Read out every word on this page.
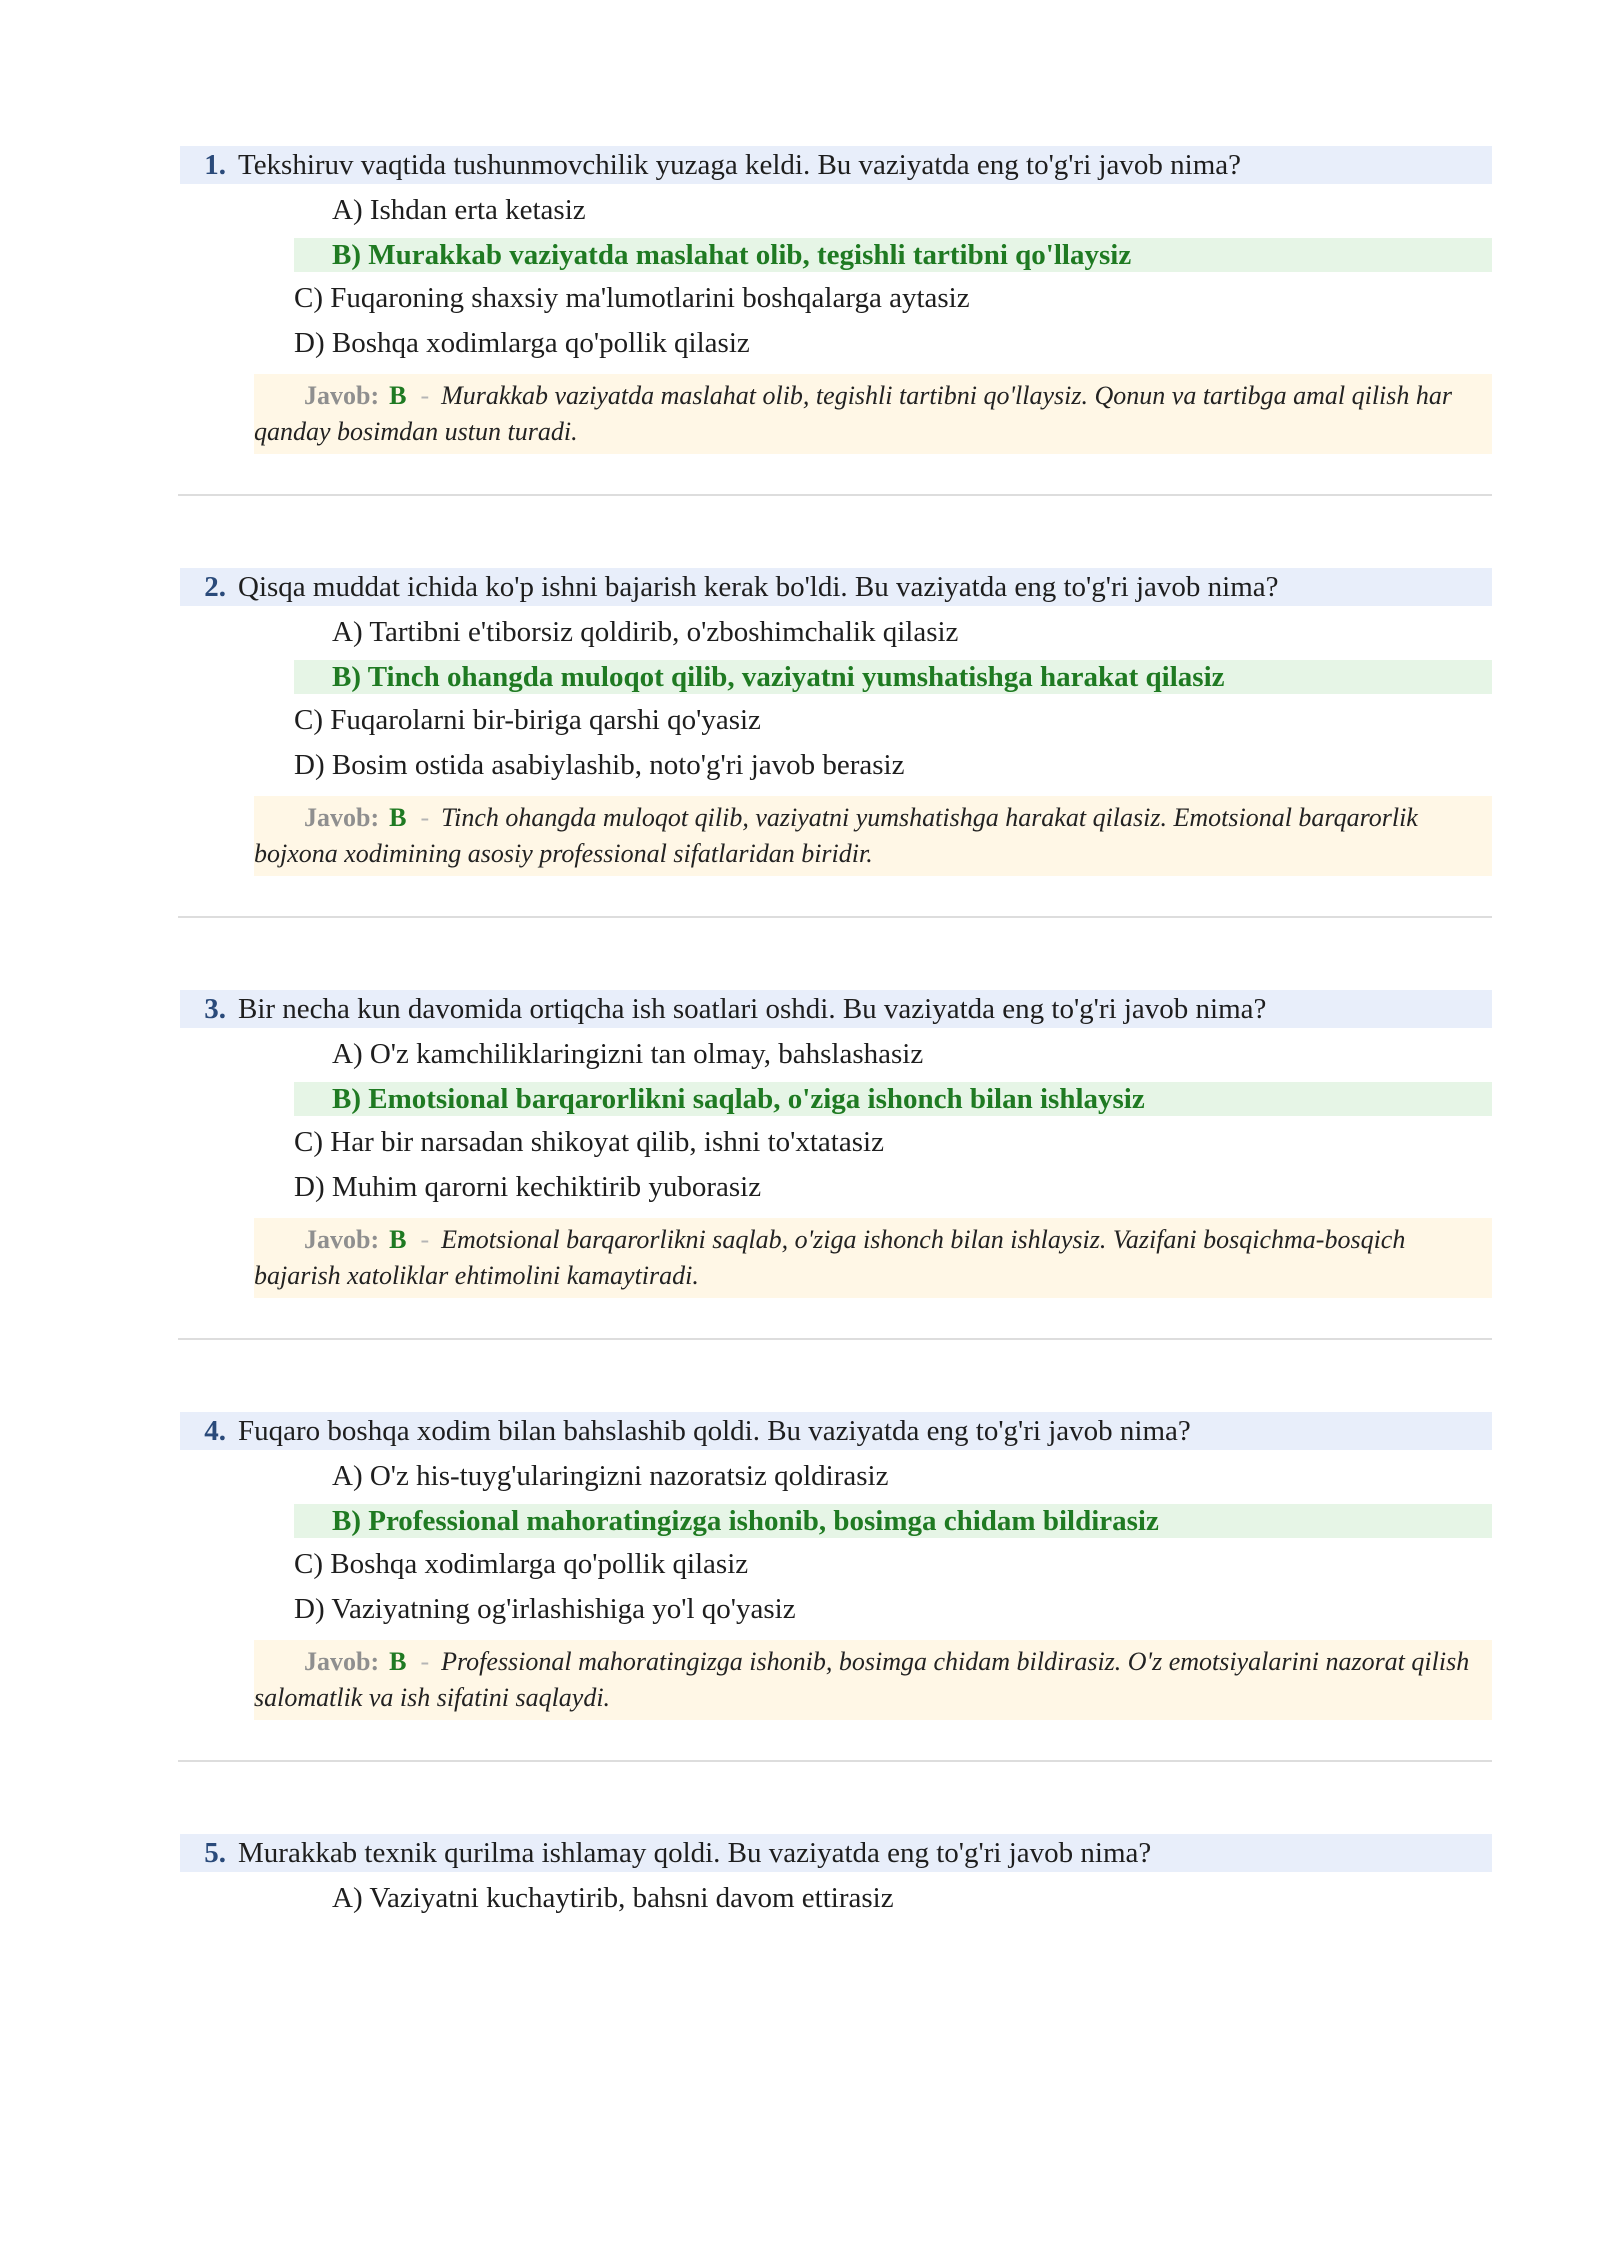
1. Tekshiruv vaqtida tushunmovchilik yuzaga keldi. Bu vaziyatda eng to'g'ri javob nima?
A) Ishdan erta ketasiz
B) Murakkab vaziyatda maslahat olib, tegishli tartibni qo'llaysiz
C) Fuqaroning shaxsiy ma'lumotlarini boshqalarga aytasiz
D) Boshqa xodimlarga qo'pollik qilasiz
Javob: B - Murakkab vaziyatda maslahat olib, tegishli tartibni qo'llaysiz. Qonun va tartibga amal qilish har qanday bosimdan ustun turadi.
2. Qisqa muddat ichida ko'p ishni bajarish kerak bo'ldi. Bu vaziyatda eng to'g'ri javob nima?
A) Tartibni e'tiborsiz qoldirib, o'zboshimchalik qilasiz
B) Tinch ohangda muloqot qilib, vaziyatni yumshatishga harakat qilasiz
C) Fuqarolarni bir-biriga qarshi qo'yasiz
D) Bosim ostida asabiylashib, noto'g'ri javob berasiz
Javob: B - Tinch ohangda muloqot qilib, vaziyatni yumshatishga harakat qilasiz. Emotsional barqarorlik bojxona xodimining asosiy professional sifatlaridan biridir.
3. Bir necha kun davomida ortiqcha ish soatlari oshdi. Bu vaziyatda eng to'g'ri javob nima?
A) O'z kamchiliklaringizni tan olmay, bahslashasiz
B) Emotsional barqarorlikni saqlab, o'ziga ishonch bilan ishlaysiz
C) Har bir narsadan shikoyat qilib, ishni to'xtatasiz
D) Muhim qarorni kechiktirib yuborasiz
Javob: B - Emotsional barqarorlikni saqlab, o'ziga ishonch bilan ishlaysiz. Vazifani bosqichma-bosqich bajarish xatoliklar ehtimolini kamaytiradi.
4. Fuqaro boshqa xodim bilan bahslashib qoldi. Bu vaziyatda eng to'g'ri javob nima?
A) O'z his-tuyg'ularingizni nazoratsiz qoldirasiz
B) Professional mahoratingizga ishonib, bosimga chidam bildirasiz
C) Boshqa xodimlarga qo'pollik qilasiz
D) Vaziyatning og'irlashishiga yo'l qo'yasiz
Javob: B - Professional mahoratingizga ishonib, bosimga chidam bildirasiz. O'z emotsiyalarini nazorat qilish salomatlik va ish sifatini saqlaydi.
5. Murakkab texnik qurilma ishlamay qoldi. Bu vaziyatda eng to'g'ri javob nima?
A) Vaziyatni kuchaytirib, bahsni davom ettirasiz
